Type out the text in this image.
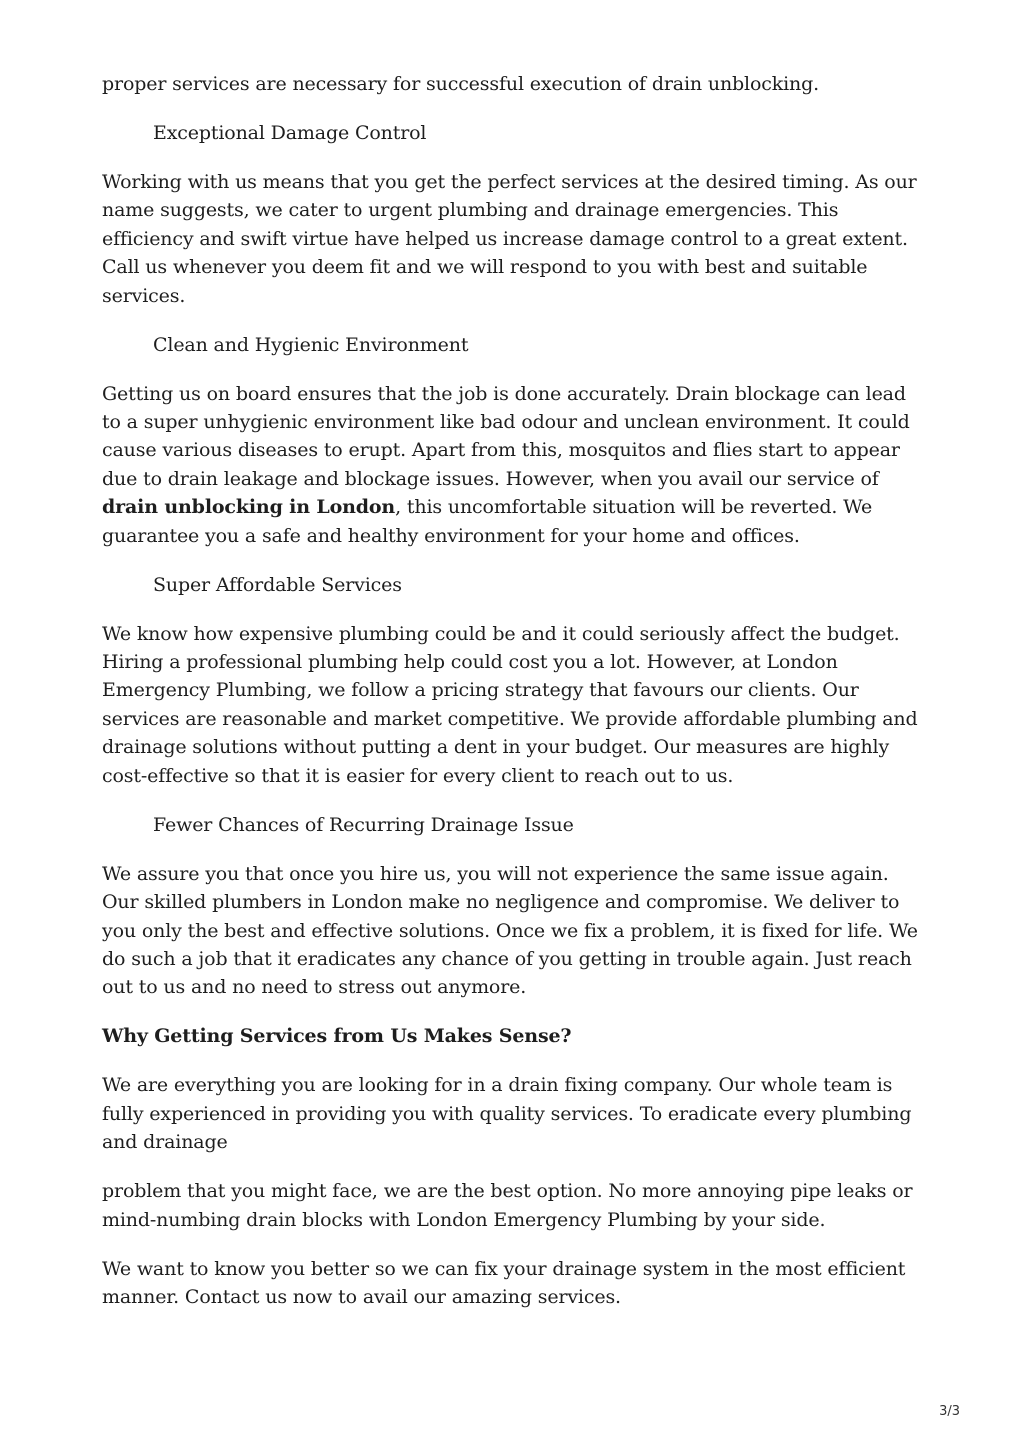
proper services are necessary for successful execution of drain unblocking.

Exceptional Damage Control

Working with us means that you get the perfect services at the desired timing. As our name suggests, we cater to urgent plumbing and drainage emergencies. This efficiency and swift virtue have helped us increase damage control to a great extent. Call us whenever you deem fit and we will respond to you with best and suitable services.

Clean and Hygienic Environment

Getting us on board ensures that the job is done accurately. Drain blockage can lead to a super unhygienic environment like bad odour and unclean environment. It could cause various diseases to erupt. Apart from this, mosquitos and flies start to appear due to drain leakage and blockage issues. However, when you avail our service of drain unblocking in London, this uncomfortable situation will be reverted. We guarantee you a safe and healthy environment for your home and offices.

Super Affordable Services

We know how expensive plumbing could be and it could seriously affect the budget. Hiring a professional plumbing help could cost you a lot. However, at London Emergency Plumbing, we follow a pricing strategy that favours our clients. Our services are reasonable and market competitive. We provide affordable plumbing and drainage solutions without putting a dent in your budget. Our measures are highly cost-effective so that it is easier for every client to reach out to us.

Fewer Chances of Recurring Drainage Issue

We assure you that once you hire us, you will not experience the same issue again. Our skilled plumbers in London make no negligence and compromise. We deliver to you only the best and effective solutions. Once we fix a problem, it is fixed for life. We do such a job that it eradicates any chance of you getting in trouble again. Just reach out to us and no need to stress out anymore.

Why Getting Services from Us Makes Sense?

We are everything you are looking for in a drain fixing company. Our whole team is fully experienced in providing you with quality services. To eradicate every plumbing and drainage

problem that you might face, we are the best option. No more annoying pipe leaks or mind-numbing drain blocks with London Emergency Plumbing by your side.

We want to know you better so we can fix your drainage system in the most efficient manner. Contact us now to avail our amazing services.

3/3
